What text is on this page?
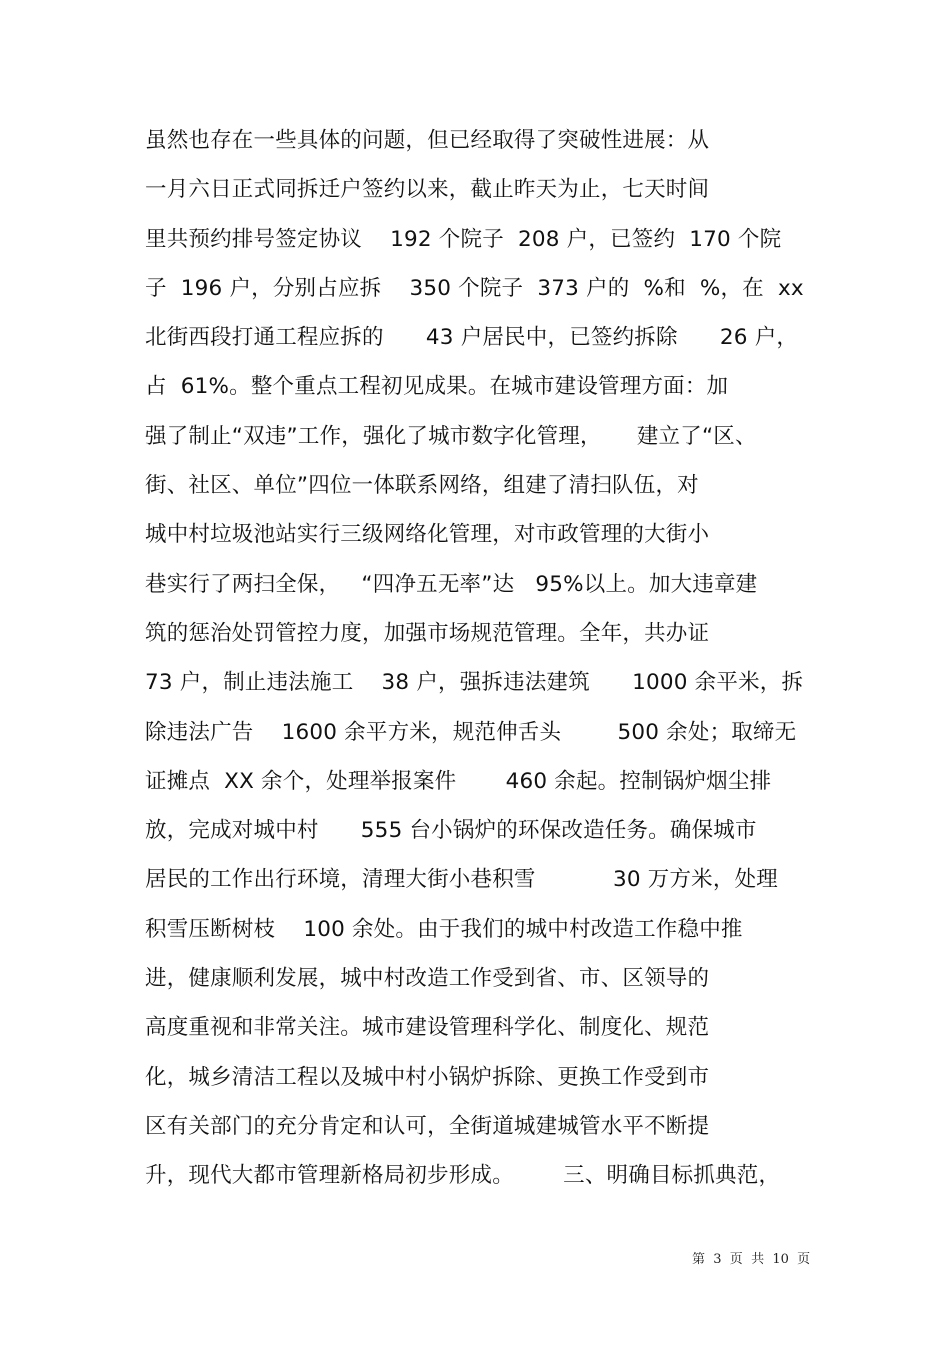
虽然也存在一些具体的问题，但已经取得了突破性进展：从
一月六日正式同拆迁户签约以来，截止昨天为止，七天时间
里共预约排号签定协议    192 个院子  208 户，已签约  170 个院
子  196 户，分别占应拆    350 个院子  373 户的  %和  %，在  xx
北街西段打通工程应拆的      43 户居民中，已签约拆除      26 户，
占  61%。整个重点工程初见成果。在城市建设管理方面：加
强了制止“双违”工作，强化了城市数字化管理，     建立了“区、
街、社区、单位”四位一体联系网络，组建了清扫队伍，对
城中村垃圾池站实行三级网络化管理，对市政管理的大街小
巷实行了两扫全保，   “四净五无率”达   95%以上。加大违章建
筑的惩治处罚管控力度，加强市场规范管理。全年，共办证
73 户，制止违法施工    38 户，强拆违法建筑      1000 余平米，拆
除违法广告    1600 余平方米，规范伸舌头        500 余处；取缔无
证摊点  XX 余个，处理举报案件       460 余起。控制锅炉烟尘排
放，完成对城中村      555 台小锅炉的环保改造任务。确保城市
居民的工作出行环境，清理大街小巷积雪           30 万方米，处理
积雪压断树枝    100 余处。由于我们的城中村改造工作稳中推
进，健康顺利发展，城中村改造工作受到省、市、区领导的
高度重视和非常关注。城市建设管理科学化、制度化、规范
化，城乡清洁工程以及城中村小锅炉拆除、更换工作受到市
区有关部门的充分肯定和认可，全街道城建城管水平不断提
升，现代大都市管理新格局初步形成。       三、明确目标抓典范，
第  3  页  共  10  页
